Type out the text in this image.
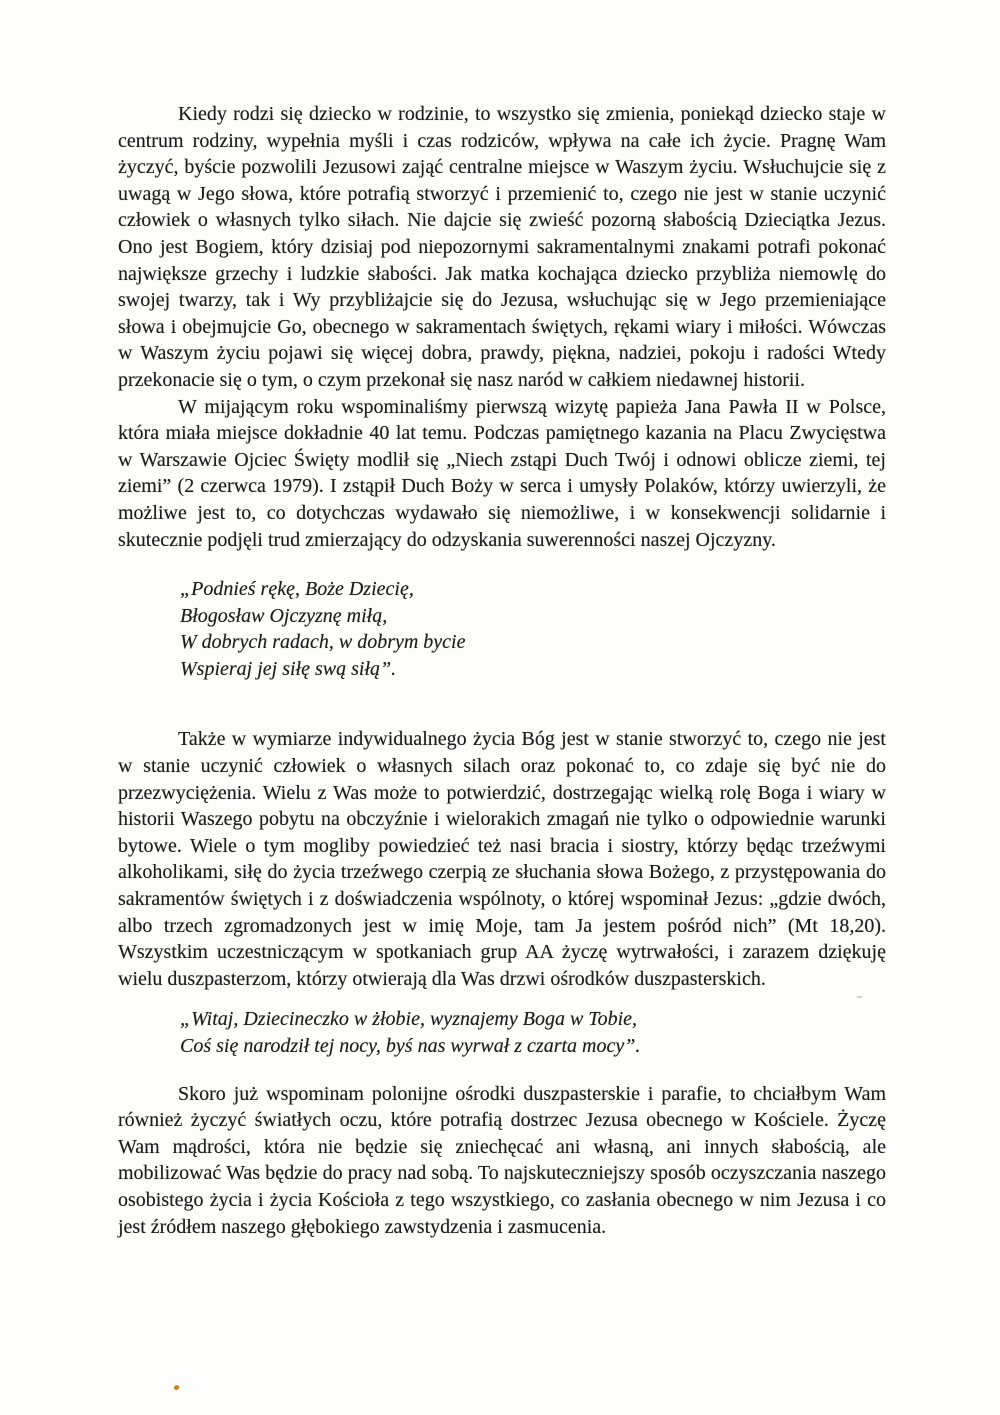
Kiedy rodzi się dziecko w rodzinie, to wszystko się zmienia, poniekąd dziecko staje w centrum rodziny, wypełnia myśli i czas rodziców, wpływa na całe ich życie. Pragnę Wam życzyć, byście pozwolili Jezusowi zająć centralne miejsce w Waszym życiu. Wsłuchujcie się z uwagą w Jego słowa, które potrafią stworzyć i przemienić to, czego nie jest w stanie uczynić człowiek o własnych tylko siłach. Nie dajcie się zwieść pozorną słabością Dzieciątka Jezus. Ono jest Bogiem, który dzisiaj pod niepozornymi sakramentalnymi znakami potrafi pokonać największe grzechy i ludzkie słabości. Jak matka kochająca dziecko przybliża niemowlę do swojej twarzy, tak i Wy przybliżajcie się do Jezusa, wsłuchując się w Jego przemieniające słowa i obejmujcie Go, obecnego w sakramentach świętych, rękami wiary i miłości. Wówczas w Waszym życiu pojawi się więcej dobra, prawdy, piękna, nadziei, pokoju i radości Wtedy przekonacie się o tym, o czym przekonał się nasz naród w całkiem niedawnej historii.

W mijającym roku wspominaliśmy pierwszą wizytę papieża Jana Pawła II w Polsce, która miała miejsce dokładnie 40 lat temu. Podczas pamiętnego kazania na Placu Zwycięstwa w Warszawie Ojciec Święty modlił się „Niech zstąpi Duch Twój i odnowi oblicze ziemi, tej ziemi” (2 czerwca 1979). I zstąpił Duch Boży w serca i umysły Polaków, którzy uwierzyli, że możliwe jest to, co dotychczas wydawało się niemożliwe, i w konsekwencji solidarnie i skutecznie podjęli trud zmierzający do odzyskania suwerenności naszej Ojczyzny.

„Podnieś rękę, Boże Dziecię,
Błogosław Ojczyznę miłą,
W dobrych radach, w dobrym bycie
Wspieraj jej siłę swą siłą”.

Także w wymiarze indywidualnego życia Bóg jest w stanie stworzyć to, czego nie jest w stanie uczynić człowiek o własnych silach oraz pokonać to, co zdaje się być nie do przezwyciężenia. Wielu z Was może to potwierdzić, dostrzegając wielką rolę Boga i wiary w historii Waszego pobytu na obczyźnie i wielorakich zmagań nie tylko o odpowiednie warunki bytowe. Wiele o tym mogliby powiedzieć też nasi bracia i siostry, którzy będąc trzeźwymi alkoholikami, siłę do życia trzeźwego czerpią ze słuchania słowa Bożego, z przystępowania do sakramentów świętych i z doświadczenia wspólnoty, o której wspominał Jezus: „gdzie dwóch, albo trzech zgromadzonych jest w imię Moje, tam Ja jestem pośród nich” (Mt 18,20). Wszystkim uczestniczącym w spotkaniach grup AA życzę wytrwałości, i zarazem dziękuję wielu duszpasterzom, którzy otwierają dla Was drzwi ośrodków duszpasterskich.

„Witaj, Dziecineczko w żłobie, wyznajemy Boga w Tobie,
Coś się narodził tej nocy, byś nas wyrwał z czarta mocy”.

Skoro już wspominam polonijne ośrodki duszpasterskie i parafie, to chciałbym Wam również życzyć światłych oczu, które potrafią dostrzec Jezusa obecnego w Kościele. Życzę Wam mądrości, która nie będzie się zniechęcać ani własną, ani innych słabością, ale mobilizować Was będzie do pracy nad sobą. To najskuteczniejszy sposób oczyszczania naszego osobistego życia i życia Kościoła z tego wszystkiego, co zasłania obecnego w nim Jezusa i co jest źródłem naszego głębokiego zawstydzenia i zasmucenia.
